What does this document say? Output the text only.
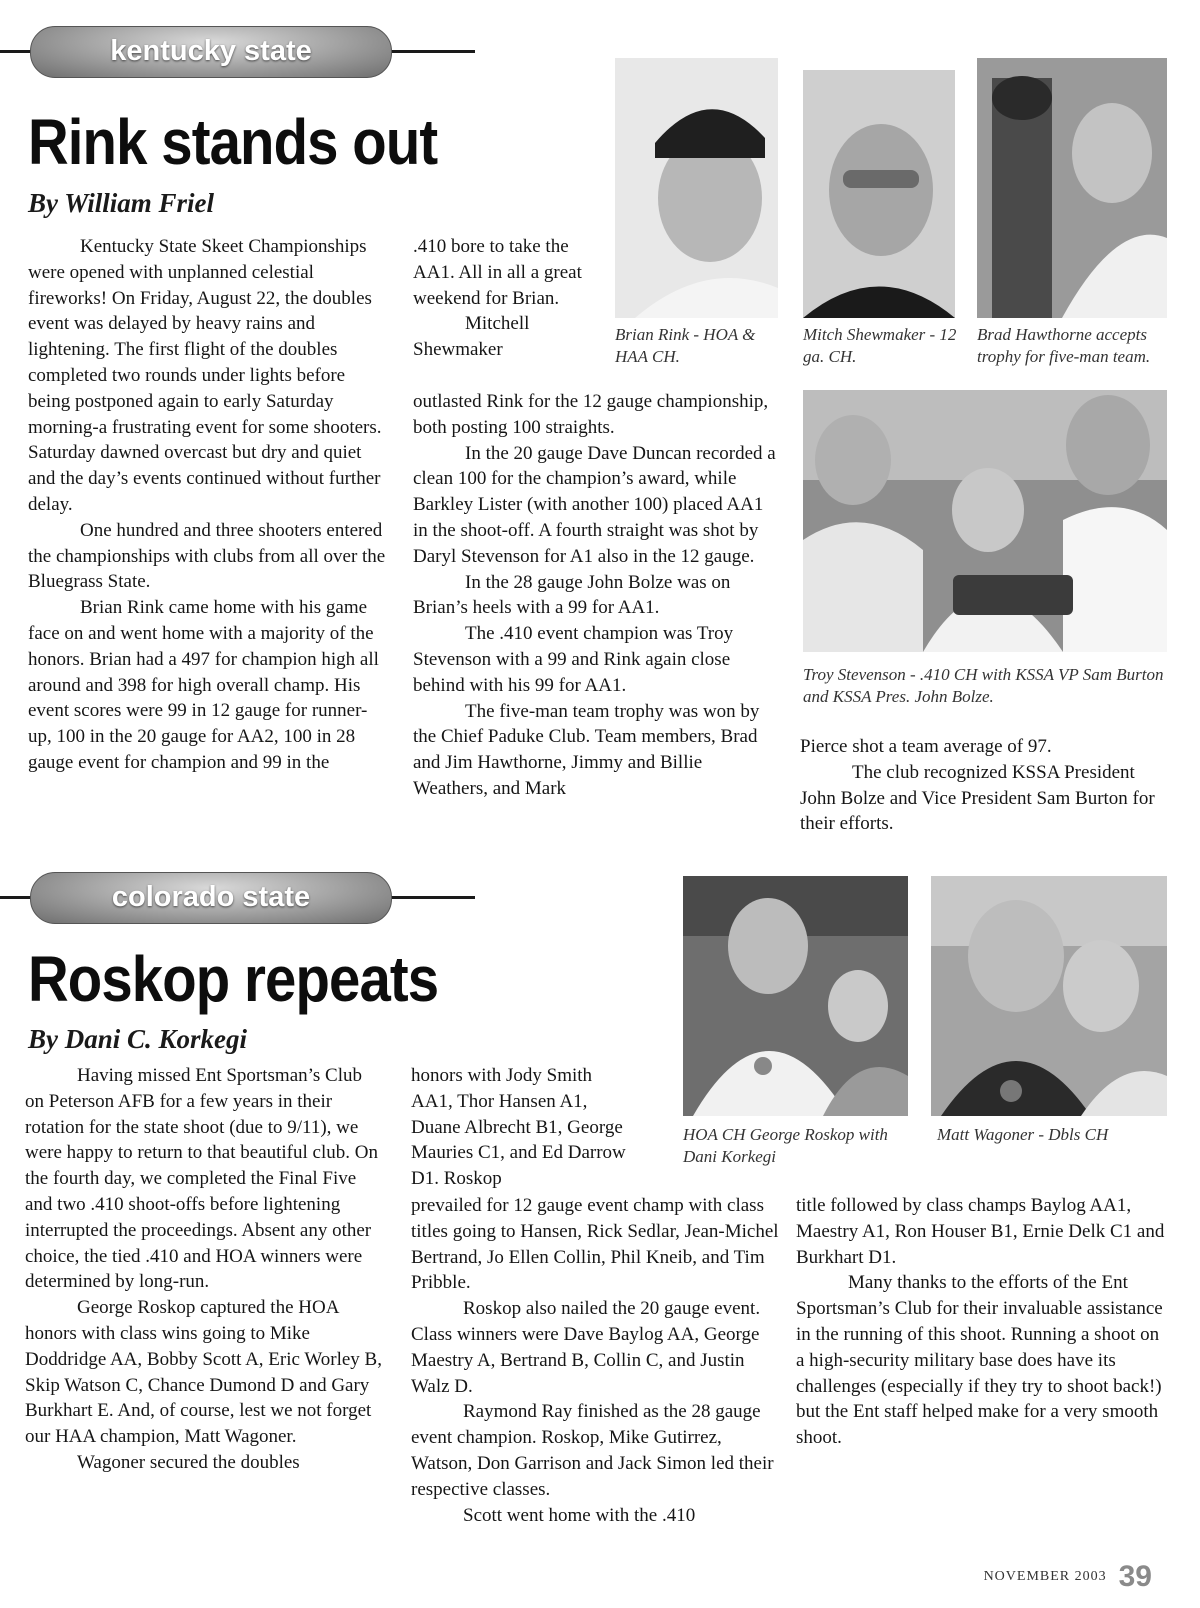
kentucky state
Rink stands out
By William Friel

Kentucky State Skeet Championships were opened with unplanned celestial fireworks! On Friday, August 22, the doubles event was delayed by heavy rains and lightening. The first flight of the doubles completed two rounds under lights before being postponed again to early Saturday morning-a frustrating event for some shooters. Saturday dawned overcast but dry and quiet and the day’s events continued without further delay.

One hundred and three shooters entered the championships with clubs from all over the Bluegrass State.

Brian Rink came home with his game face on and went home with a majority of the honors. Brian had a 497 for champion high all around and 398 for high overall champ. His event scores were 99 in 12 gauge for runner-up, 100 in the 20 gauge for AA2, 100 in 28 gauge event for champion and 99 in the

.410 bore to take the AA1. All in all a great weekend for Brian.

Mitchell Shewmaker

outlasted Rink for the 12 gauge championship, both posting 100 straights.

In the 20 gauge Dave Duncan recorded a clean 100 for the champion’s award, while Barkley Lister (with another 100) placed AA1 in the shoot-off. A fourth straight was shot by Daryl Stevenson for A1 also in the 12 gauge.

In the 28 gauge John Bolze was on Brian’s heels with a 99 for AA1.

The .410 event champion was Troy Stevenson with a 99 and Rink again close behind with his 99 for AA1.

The five-man team trophy was won by the Chief Paduke Club. Team members, Brad and Jim Hawthorne, Jimmy and Billie Weathers, and Mark

Pierce shot a team average of 97.

The club recognized KSSA President John Bolze and Vice President Sam Burton for their efforts.

Brian Rink - HOA & HAA CH.
Mitch Shewmaker - 12 ga. CH.
Brad Hawthorne accepts trophy for five-man team.
Troy Stevenson - .410 CH with KSSA VP Sam Burton and KSSA Pres. John Bolze.
colorado state
Roskop repeats
By Dani C. Korkegi

Having missed Ent Sportsman’s Club on Peterson AFB for a few years in their rotation for the state shoot (due to 9/11), we were happy to return to that beautiful club. On the fourth day, we completed the Final Five and two .410 shoot-offs before lightening interrupted the proceedings. Absent any other choice, the tied .410 and HOA winners were determined by long-run.

George Roskop captured the HOA honors with class wins going to Mike Doddridge AA, Bobby Scott A, Eric Worley B, Skip Watson C, Chance Dumond D and Gary Burkhart E. And, of course, lest we not forget our HAA champion, Matt Wagoner.

Wagoner secured the doubles

honors with Jody Smith AA1, Thor Hansen A1, Duane Albrecht B1, George Mauries C1, and Ed Darrow D1. Roskop

prevailed for 12 gauge event champ with class titles going to Hansen, Rick Sedlar, Jean-Michel Bertrand, Jo Ellen Collin, Phil Kneib, and Tim Pribble.

Roskop also nailed the 20 gauge event. Class winners were Dave Baylog AA, George Maestry A, Bertrand B, Collin C, and Justin Walz D.

Raymond Ray finished as the 28 gauge event champion. Roskop, Mike Gutirrez, Watson, Don Garrison and Jack Simon led their respective classes.

Scott went home with the .410

title followed by class champs Baylog AA1, Maestry A1, Ron Houser B1, Ernie Delk C1 and Burkhart D1.

Many thanks to the efforts of the Ent Sportsman’s Club for their invaluable assistance in the running of this shoot. Running a shoot on a high-security military base does have its challenges (especially if they try to shoot back!) but the Ent staff helped make for a very smooth shoot.

HOA CH George Roskop with Dani Korkegi
Matt Wagoner - Dbls CH
NOVEMBER 2003 39
